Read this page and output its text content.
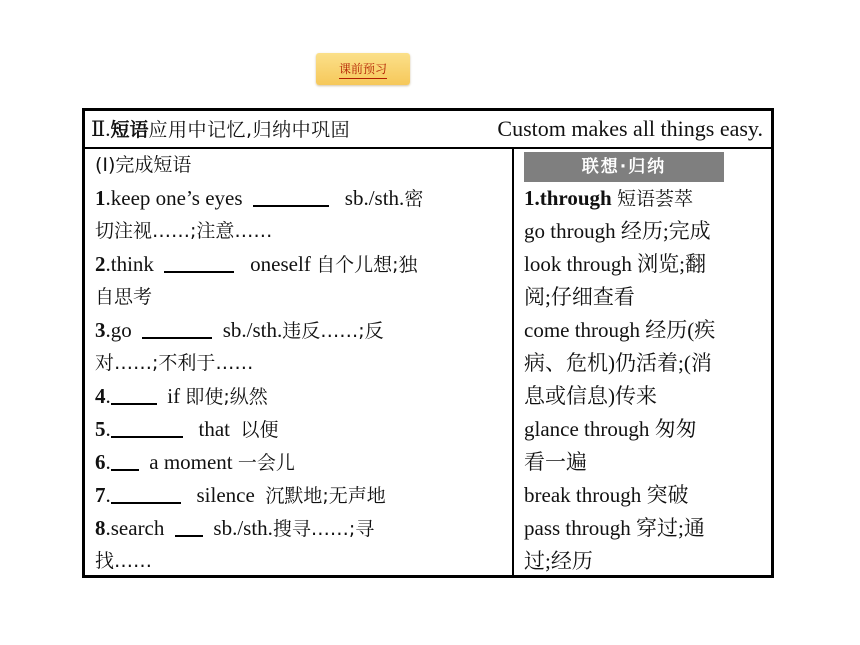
课前预习
Ⅱ.短语应用中记忆,归纳中巩固	Custom makes all things easy.
(Ⅰ)完成短语
1.keep one’s eyes	sb./sth.密
切注视……;注意……
2.think	oneself 自个儿想;独
自思考
3.go	sb./sth.违反……;反
对……;不利于……
4.	if 即使;纵然
5.	that 以便
6. a moment 一会儿
7.	silence 沉默地;无声地
8.search sb./sth.搜寻……;寻
找……
联想·归纳
1.through 短语荟萃
go through 经历;完成
look through 浏览;翻
阅;仔细查看
come through 经历(疾
病、危机)仍活着;(消
息或信息)传来
glance through 匆匆
看一遍
break through 突破
pass through 穿过;通
过;经历
